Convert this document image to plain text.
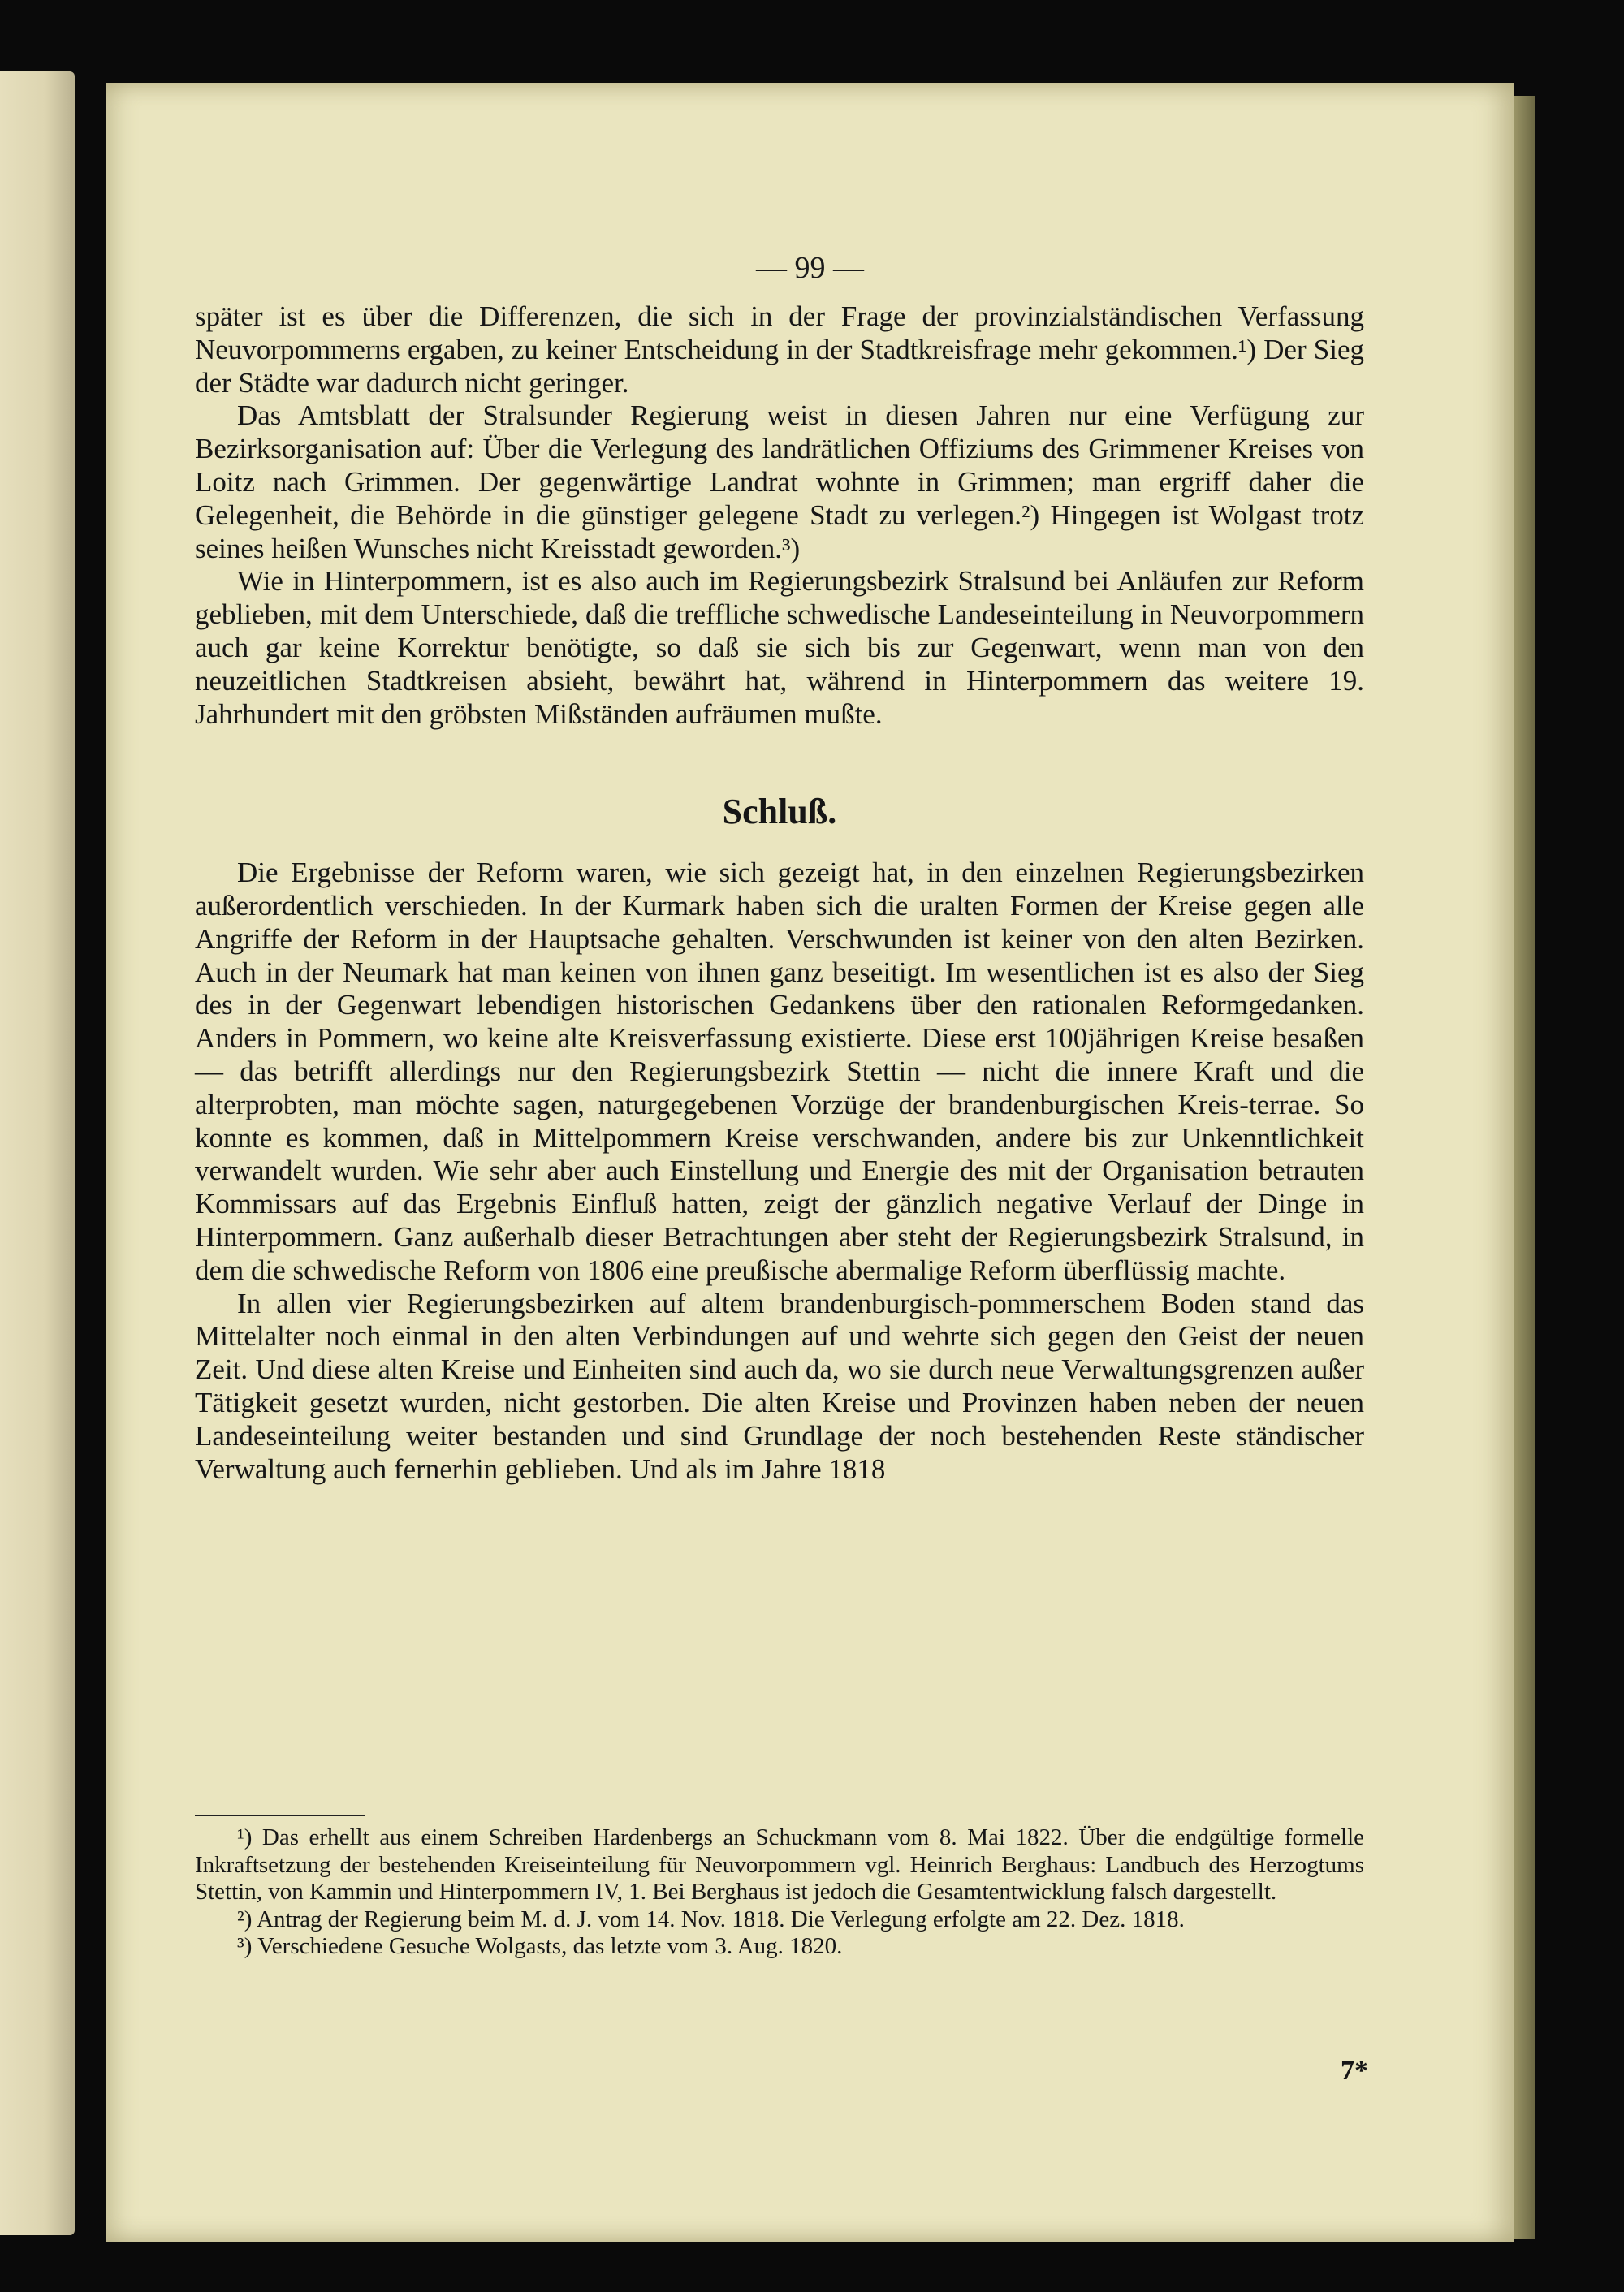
— 99 —

später ist es über die Differenzen, die sich in der Frage der provinzialständischen Verfassung Neuvorpommerns ergaben, zu keiner Entscheidung in der Stadtkreisfrage mehr gekommen.¹) Der Sieg der Städte war dadurch nicht geringer.

Das Amtsblatt der Stralsunder Regierung weist in diesen Jahren nur eine Verfügung zur Bezirksorganisation auf: Über die Verlegung des landrätlichen Offiziums des Grimmener Kreises von Loitz nach Grimmen. Der gegenwärtige Landrat wohnte in Grimmen; man ergriff daher die Gelegenheit, die Behörde in die günstiger gelegene Stadt zu verlegen.²) Hingegen ist Wolgast trotz seines heißen Wunsches nicht Kreisstadt geworden.³)

Wie in Hinterpommern, ist es also auch im Regierungsbezirk Stralsund bei Anläufen zur Reform geblieben, mit dem Unterschiede, daß die treffliche schwedische Landeseinteilung in Neuvorpommern auch gar keine Korrektur benötigte, so daß sie sich bis zur Gegenwart, wenn man von den neuzeitlichen Stadtkreisen absieht, bewährt hat, während in Hinterpommern das weitere 19. Jahrhundert mit den gröbsten Mißständen aufräumen mußte.

Schluß.

Die Ergebnisse der Reform waren, wie sich gezeigt hat, in den einzelnen Regierungsbezirken außerordentlich verschieden. In der Kurmark haben sich die uralten Formen der Kreise gegen alle Angriffe der Reform in der Hauptsache gehalten. Verschwunden ist keiner von den alten Bezirken. Auch in der Neumark hat man keinen von ihnen ganz beseitigt. Im wesentlichen ist es also der Sieg des in der Gegenwart lebendigen historischen Gedankens über den rationalen Reformgedanken. Anders in Pommern, wo keine alte Kreisverfassung existierte. Diese erst 100jährigen Kreise besaßen — das betrifft allerdings nur den Regierungsbezirk Stettin — nicht die innere Kraft und die alterprobten, man möchte sagen, naturgegebenen Vorzüge der brandenburgischen Kreis-terrae. So konnte es kommen, daß in Mittelpommern Kreise verschwanden, andere bis zur Unkenntlichkeit verwandelt wurden. Wie sehr aber auch Einstellung und Energie des mit der Organisation betrauten Kommissars auf das Ergebnis Einfluß hatten, zeigt der gänzlich negative Verlauf der Dinge in Hinterpommern. Ganz außerhalb dieser Betrachtungen aber steht der Regierungsbezirk Stralsund, in dem die schwedische Reform von 1806 eine preußische abermalige Reform überflüssig machte.

In allen vier Regierungsbezirken auf altem brandenburgisch-pommerschem Boden stand das Mittelalter noch einmal in den alten Verbindungen auf und wehrte sich gegen den Geist der neuen Zeit. Und diese alten Kreise und Einheiten sind auch da, wo sie durch neue Verwaltungsgrenzen außer Tätigkeit gesetzt wurden, nicht gestorben. Die alten Kreise und Provinzen haben neben der neuen Landeseinteilung weiter bestanden und sind Grundlage der noch bestehenden Reste ständischer Verwaltung auch fernerhin geblieben. Und als im Jahre 1818

¹) Das erhellt aus einem Schreiben Hardenbergs an Schuckmann vom 8. Mai 1822. Über die endgültige formelle Inkraftsetzung der bestehenden Kreiseinteilung für Neuvorpommern vgl. Heinrich Berghaus: Landbuch des Herzogtums Stettin, von Kammin und Hinterpommern IV, 1. Bei Berghaus ist jedoch die Gesamtentwicklung falsch dargestellt.

²) Antrag der Regierung beim M. d. J. vom 14. Nov. 1818. Die Verlegung erfolgte am 22. Dez. 1818.

³) Verschiedene Gesuche Wolgasts, das letzte vom 3. Aug. 1820.

7*
